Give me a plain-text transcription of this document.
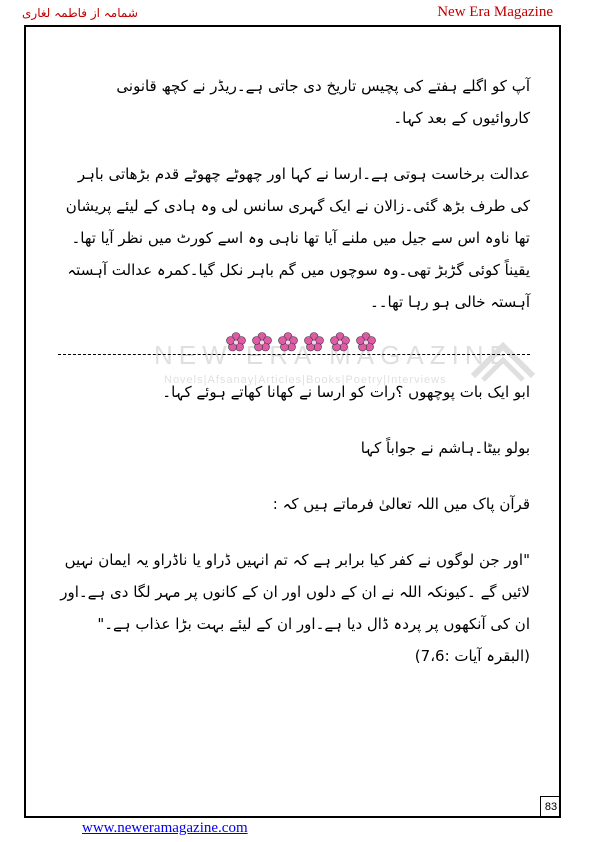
شمامہ از فاطمہ لغاری	New Era Magazine

آپ کو اگلے ہفتے کی پچیس تاریخ دی جاتی ہے۔ریڈر نے کچھ قانونی کاروائیوں کے بعد کہا۔

عدالت برخاست ہوتی ہے۔ارسا نے کہا اور چھوٹے چھوٹے قدم بڑھاتی باہر کی طرف بڑھ گئی۔زالان نے ایک گہری سانس لی وہ ہادی کے لیئے پریشان تھا ناوہ اس سے جیل میں ملنے آیا تھا ناہی وہ اسے کورٹ میں نظر آیا تھا۔یقیناً کوئی گڑبڑ تھی۔وہ سوچوں میں گم باہر نکل گیا۔کمرہ عدالت آہستہ آہستہ خالی ہو رہا تھا۔۔

NEW ERA MAGAZINE
Novels|Afsanay|Articles|Books|Poetry|Interviews

ابو ایک بات پوچھوں ؟رات کو ارسا نے کھانا کھاتے ہوئے کہا۔

بولو بیٹا۔ہاشم نے جواباً کہا

قرآن پاک میں اللہ تعالیٰ فرماتے ہیں کہ :

"اور جن لوگوں نے کفر کیا برابر ہے کہ تم انہیں ڈراو یا ناڈراو یہ ایمان نہیں لائیں گے ۔کیونکہ اللہ نے ان کے دلوں اور ان کے کانوں پر مہر لگا دی ہے۔اور ان کی آنکھوں پر پردہ ڈال دیا ہے۔اور ان کے لیئے بہت بڑا عذاب ہے۔" (البقرہ آیات :7،6)

83
www.neweramagazine.com
